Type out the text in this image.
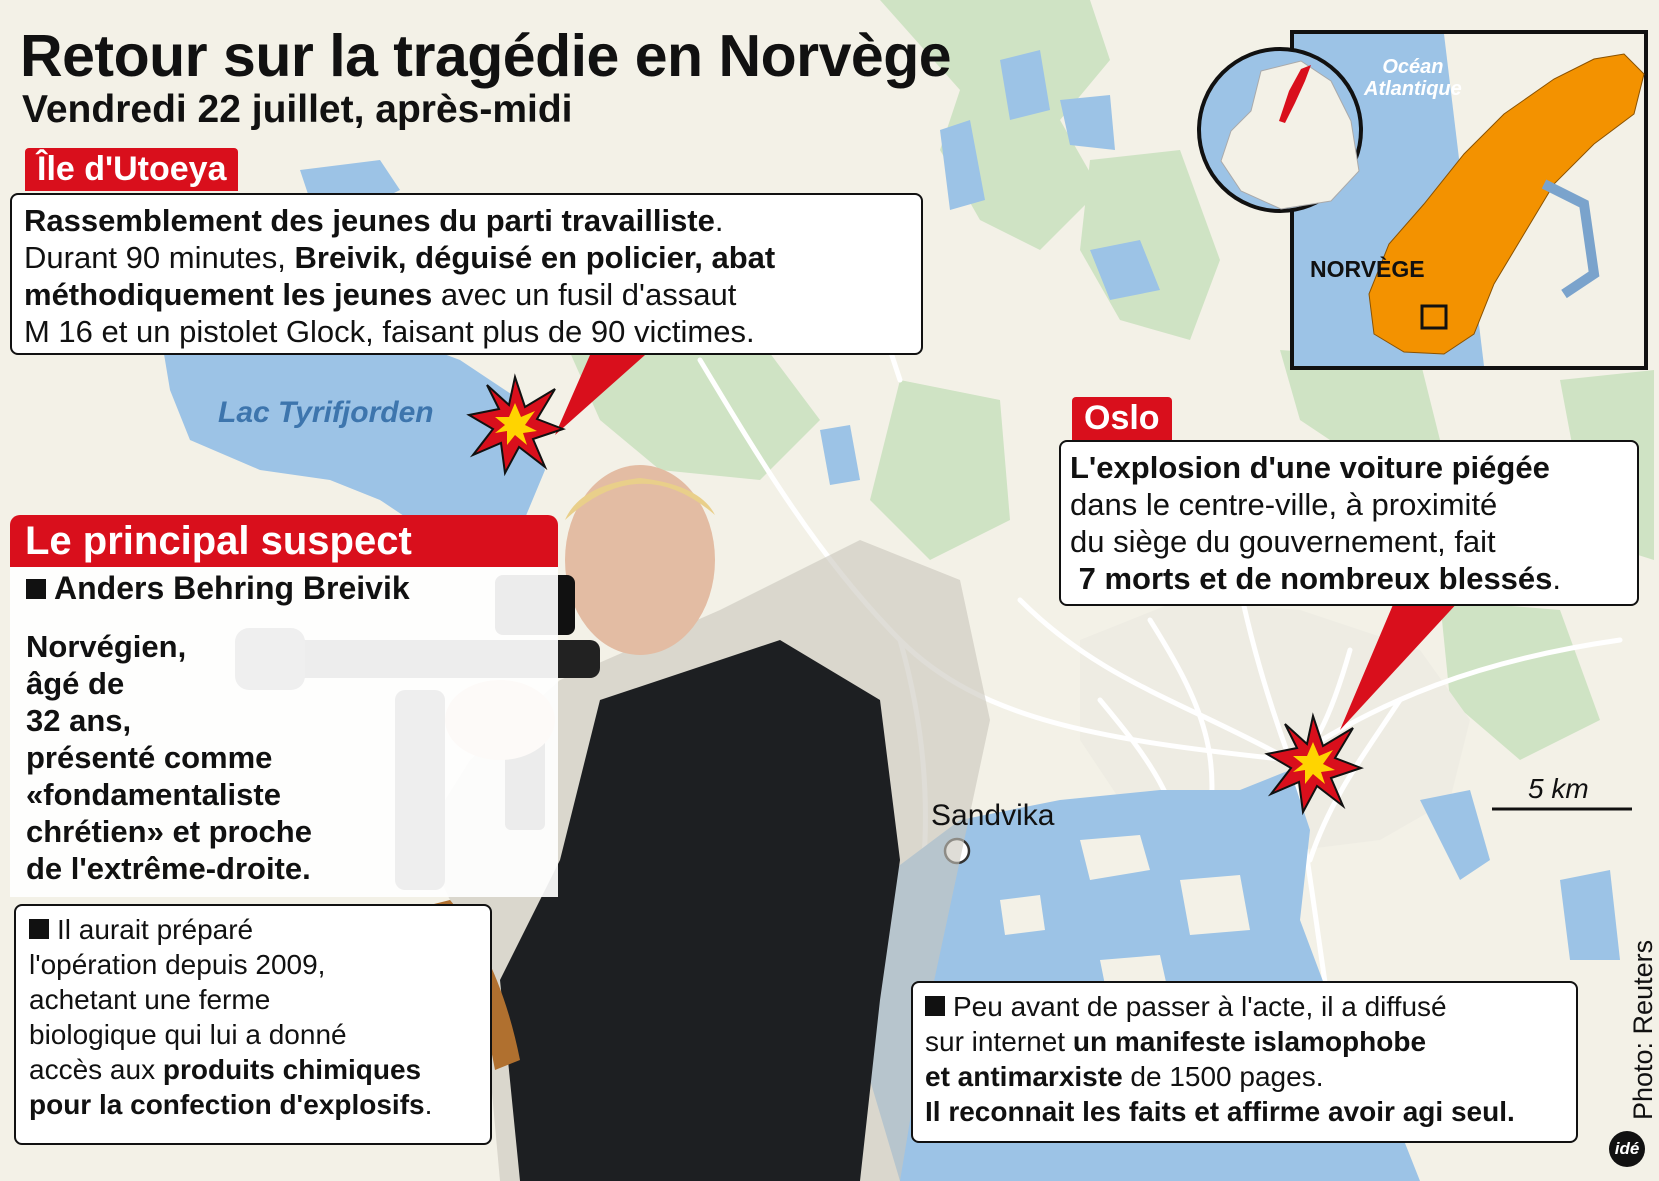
Océan
Atlantique
NORVÈGE
Retour sur la tragédie en Norvège
Vendredi 22 juillet, après-midi
Île d'Utoeya
Rassemblement des jeunes du parti travailliste.
Durant 90 minutes, Breivik, déguisé en policier, abat
méthodiquement les jeunes avec un fusil d'assaut
M 16 et un pistolet Glock, faisant plus de 90 victimes.
Lac Tyrifjorden
Sandvika
5 km
Oslo
L'explosion d'une voiture piégée
dans le centre-ville, à proximité
du siège du gouvernement, fait
7 morts et de nombreux blessés.
Le principal suspect
Anders Behring Breivik
Norvégien,
âgé de
32 ans,
présenté comme
«fondamentaliste
chrétien» et proche
de l'extrême-droite.
Il aurait préparé
l'opération depuis 2009,
achetant une ferme
biologique qui lui a donné
accès aux produits chimiques
pour la confection d'explosifs.
Peu avant de passer à l'acte, il a diffusé
sur internet un manifeste islamophobe
et antimarxiste de 1500 pages.
Il reconnait les faits et affirme avoir agi seul.	Photo: Reuters
idé
